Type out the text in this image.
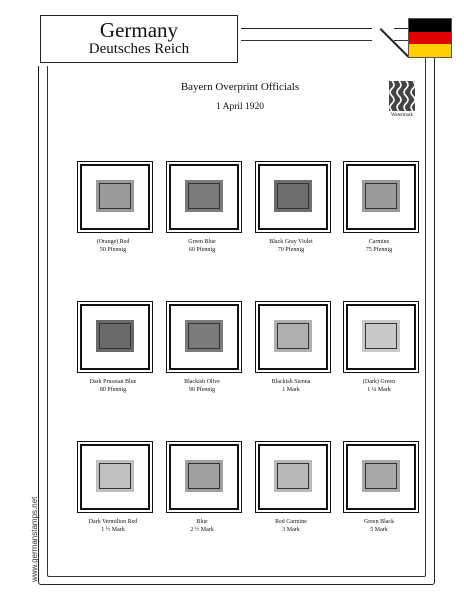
Germany
Deutsches Reich
Bayern Overprint Officials
1 April 1920
Watermark
(Orange) Red
50 Pfennig
Green Blue
60 Pfennig
Black Gray Violet
70 Pfennig
Carmine
75 Pfennig
Dark Prussian Blue
80 Pfennig
Blackish Olive
90 Pfennig
Blackish Sienna
1 Mark
(Dark) Green
1 ¼ Mark
Dark Vermilion Red
1 ½ Mark
Blue
2 ½ Mark
Red Carmine
3 Mark
Green Black
5 Mark
www.germanstamps.net
